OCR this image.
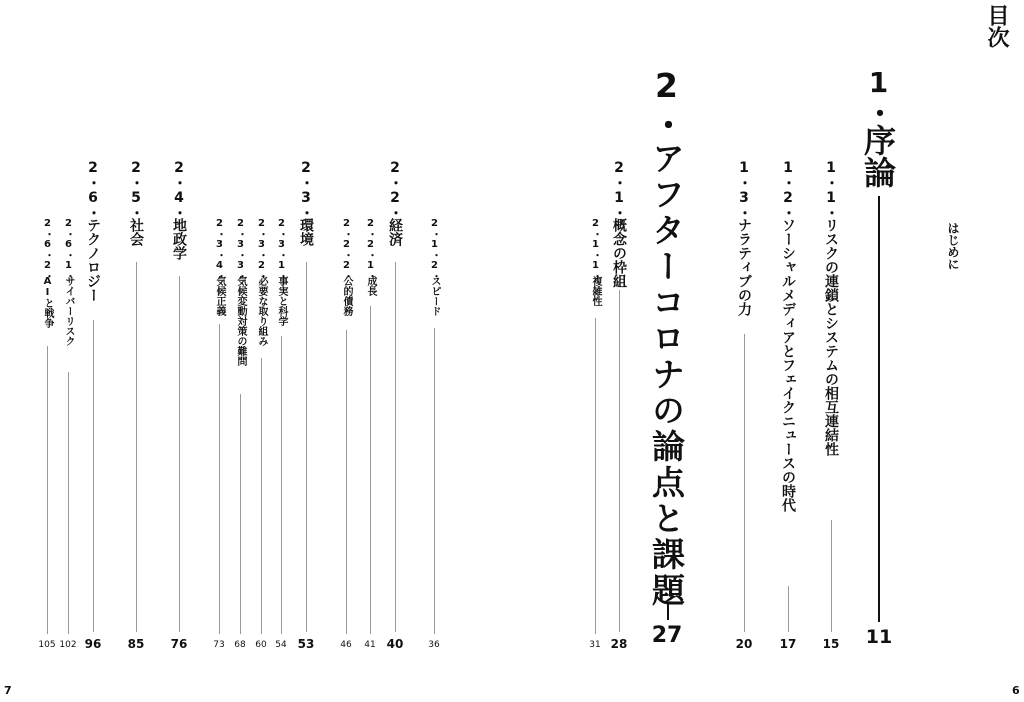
目次
7	6
はじめに
1・
序論
11
2・
アフターコロナの論点と課題
27
1・1・
リスクの連鎖とシステムの相互連結性
15
1・2・
ソーシャルメディアとフェイクニュースの時代
17
1・3・
ナラティブの力
20
2・1・
概念の枠組
28
2・2・
経済
40
2・3・
環境
53
2・4・
地政学
76
2・5・
社会
85
2・6・
テクノロジー
96
2・1・1・
複雑性
31
2・1・2・
スピード
36
2・2・1・
成長
41
2・2・2・
公的債務
46
2・3・1・
事実と科学
54
2・3・2・
必要な取り組み
60
2・3・3・
気候変動対策の難問
68
2・3・4・
気候正義
73
2・6・1・
サイバーリスク
102
2・6・2・
AIと戦争
105
